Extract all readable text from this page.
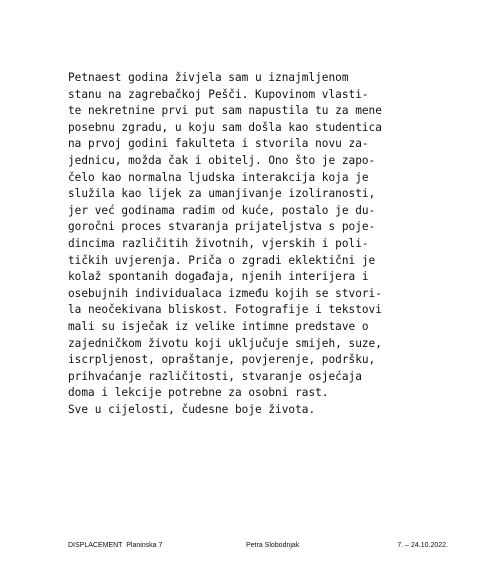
Petnaest godina živjela sam u iznajmljenom
stanu na zagrebačkoj Pešči. Kupovinom vlasti-
te nekretnine prvi put sam napustila tu za mene
posebnu zgradu, u koju sam došla kao studentica
na prvoj godini fakulteta i stvorila novu za-
jednicu, možda čak i obitelj. Ono što je zapo-
čelo kao normalna ljudska interakcija koja je
služila kao lijek za umanjivanje izoliranosti,
jer već godinama radim od kuće, postalo je du-
goročni proces stvaranja prijateljstva s poje-
dincima različitih životnih, vjerskih i poli-
tičkih uvjerenja. Priča o zgradi eklektični je
kolaž spontanih događaja, njenih interijera i
osebujnih individualaca između kojih se stvori-
la neočekivana bliskost. Fotografije i tekstovi
mali su isječak iz velike intimne predstave o
zajedničkom životu koji uključuje smijeh, suze,
iscrpljenost, opraštanje, povjerenje, podršku,
prihvaćanje različitosti, stvaranje osjećaja
doma i lekcije potrebne za osobni rast.
Sve u cijelosti, čudesne boje života.
DISPLACEMENT  Planinska 7	Petra Slobodnjak	7. – 24.10.2022.
